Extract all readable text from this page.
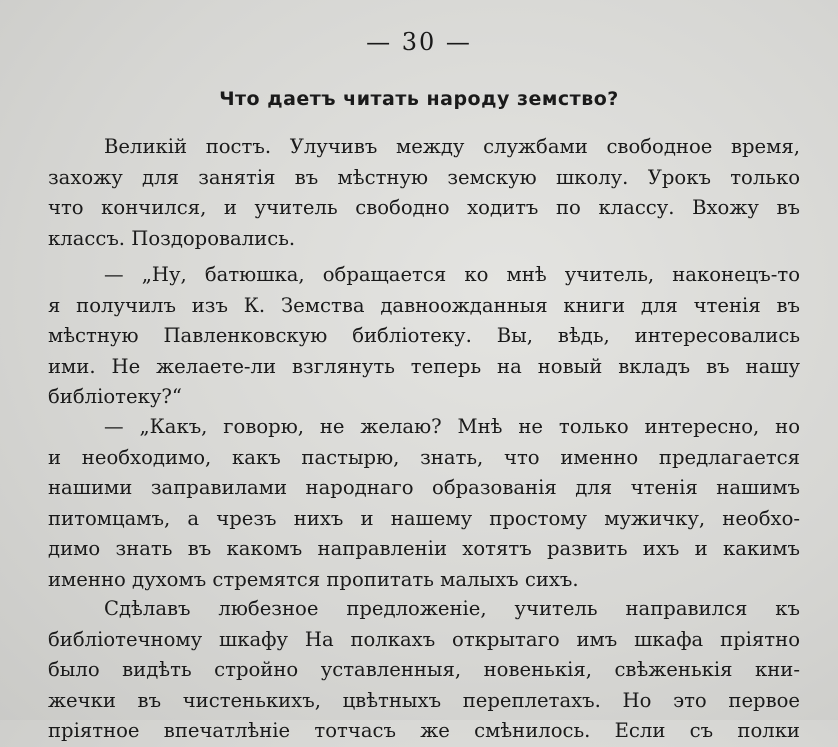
— 30 —
Что даетъ читать народу земство?
Великiй постъ. Улучивъ между службами свободное время,
захожу для занятiя въ мѣстную земскую школу. Урокъ только
что кончился, и учитель свободно ходитъ по классу. Вхожу въ
классъ. Поздоровались.
— „Ну, батюшка, обращается ко мнѣ учитель, наконецъ-то
я получилъ изъ К. Земства давноожданныя книги для чтенiя въ
мѣстную Павленковскую библiотеку. Вы, вѣдь, интересовались
ими. Не желаете-ли взглянуть теперь на новый вкладъ въ нашу
библiотеку?“
— „Какъ, говорю, не желаю? Мнѣ не только интересно, но
и необходимо, какъ пастырю, знать, что именно предлагается
нашими заправилами народнаго образованiя для чтенiя нашимъ
питомцамъ, а чрезъ нихъ и нашему простому мужичку, необхо-
димо знать въ какомъ направленiи хотятъ развить ихъ и какимъ
именно духомъ стремятся пропитать малыхъ сихъ.
Сдѣлавъ любезное предложенiе, учитель направился къ
библiотечному шкафу На полкахъ открытаго имъ шкафа прiятно
было видѣть стройно уставленныя, новенькiя, свѣженькiя кни-
жечки въ чистенькихъ, цвѣтныхъ переплетахъ. Но это первое
прiятное впечатлѣнiе тотчасъ же смѣнилось. Если съ полки
